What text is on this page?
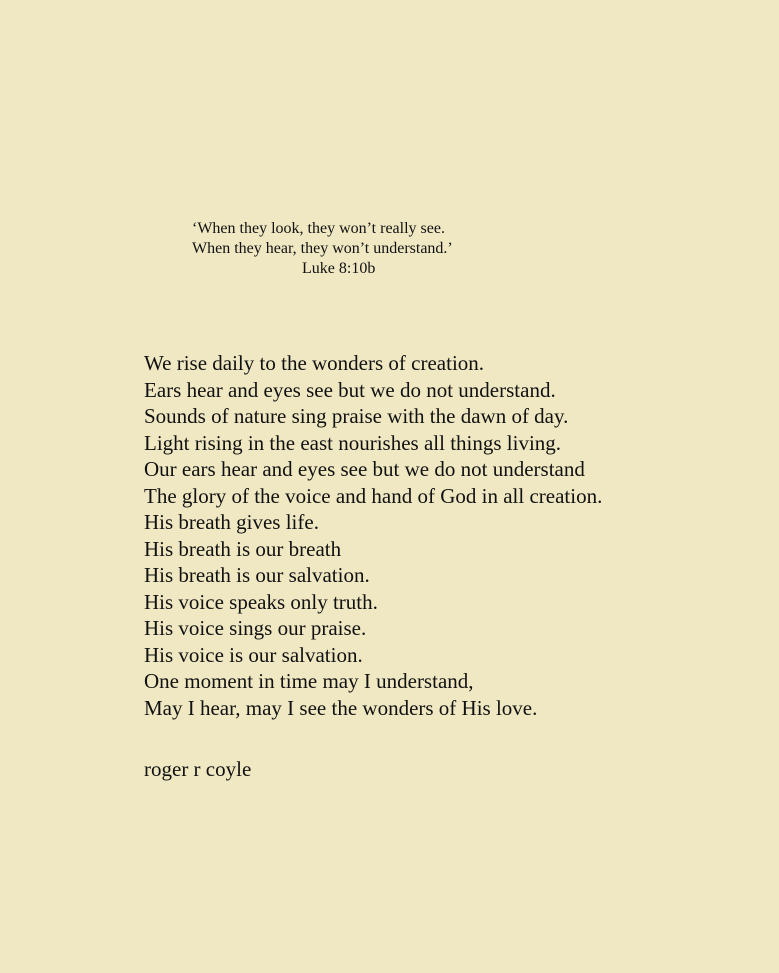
‘When they look, they won’t really see.
When they hear, they won’t understand.’
Luke 8:10b
We rise daily to the wonders of creation.
Ears hear and eyes see but we do not understand.
Sounds of nature sing praise with the dawn of day.
Light rising in the east nourishes all things living.
Our ears hear and eyes see but we do not understand
The glory of the voice and hand of God in all creation.
His breath gives life.
His breath is our breath
His breath is our salvation.
His voice speaks only truth.
His voice sings our praise.
His voice is our salvation.
One moment in time may I understand,
May I hear, may I see the wonders of His love.
roger r coyle
